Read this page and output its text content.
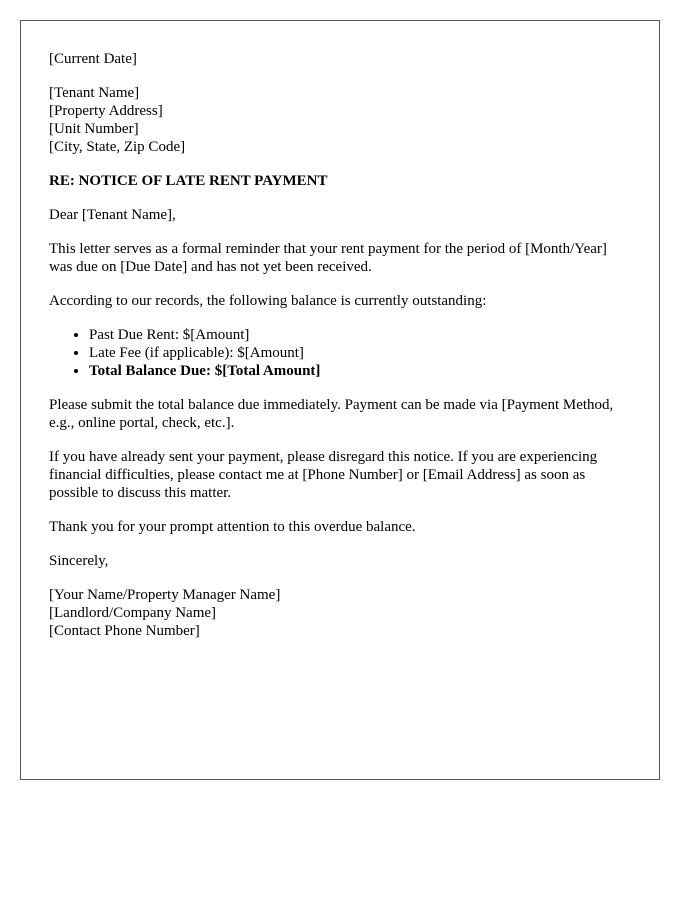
[Current Date]
[Tenant Name]
[Property Address]
[Unit Number]
[City, State, Zip Code]

RE: NOTICE OF LATE RENT PAYMENT

Dear [Tenant Name],

This letter serves as a formal reminder that your rent payment for the period of [Month/Year] was due on [Due Date] and has not yet been received.

According to our records, the following balance is currently outstanding:

• Past Due Rent: $[Amount]
• Late Fee (if applicable): $[Amount]
• Total Balance Due: $[Total Amount]

Please submit the total balance due immediately. Payment can be made via [Payment Method, e.g., online portal, check, etc.].

If you have already sent your payment, please disregard this notice. If you are experiencing financial difficulties, please contact me at [Phone Number] or [Email Address] as soon as possible to discuss this matter.

Thank you for your prompt attention to this overdue balance.

Sincerely,

[Your Name/Property Manager Name]
[Landlord/Company Name]
[Contact Phone Number]
